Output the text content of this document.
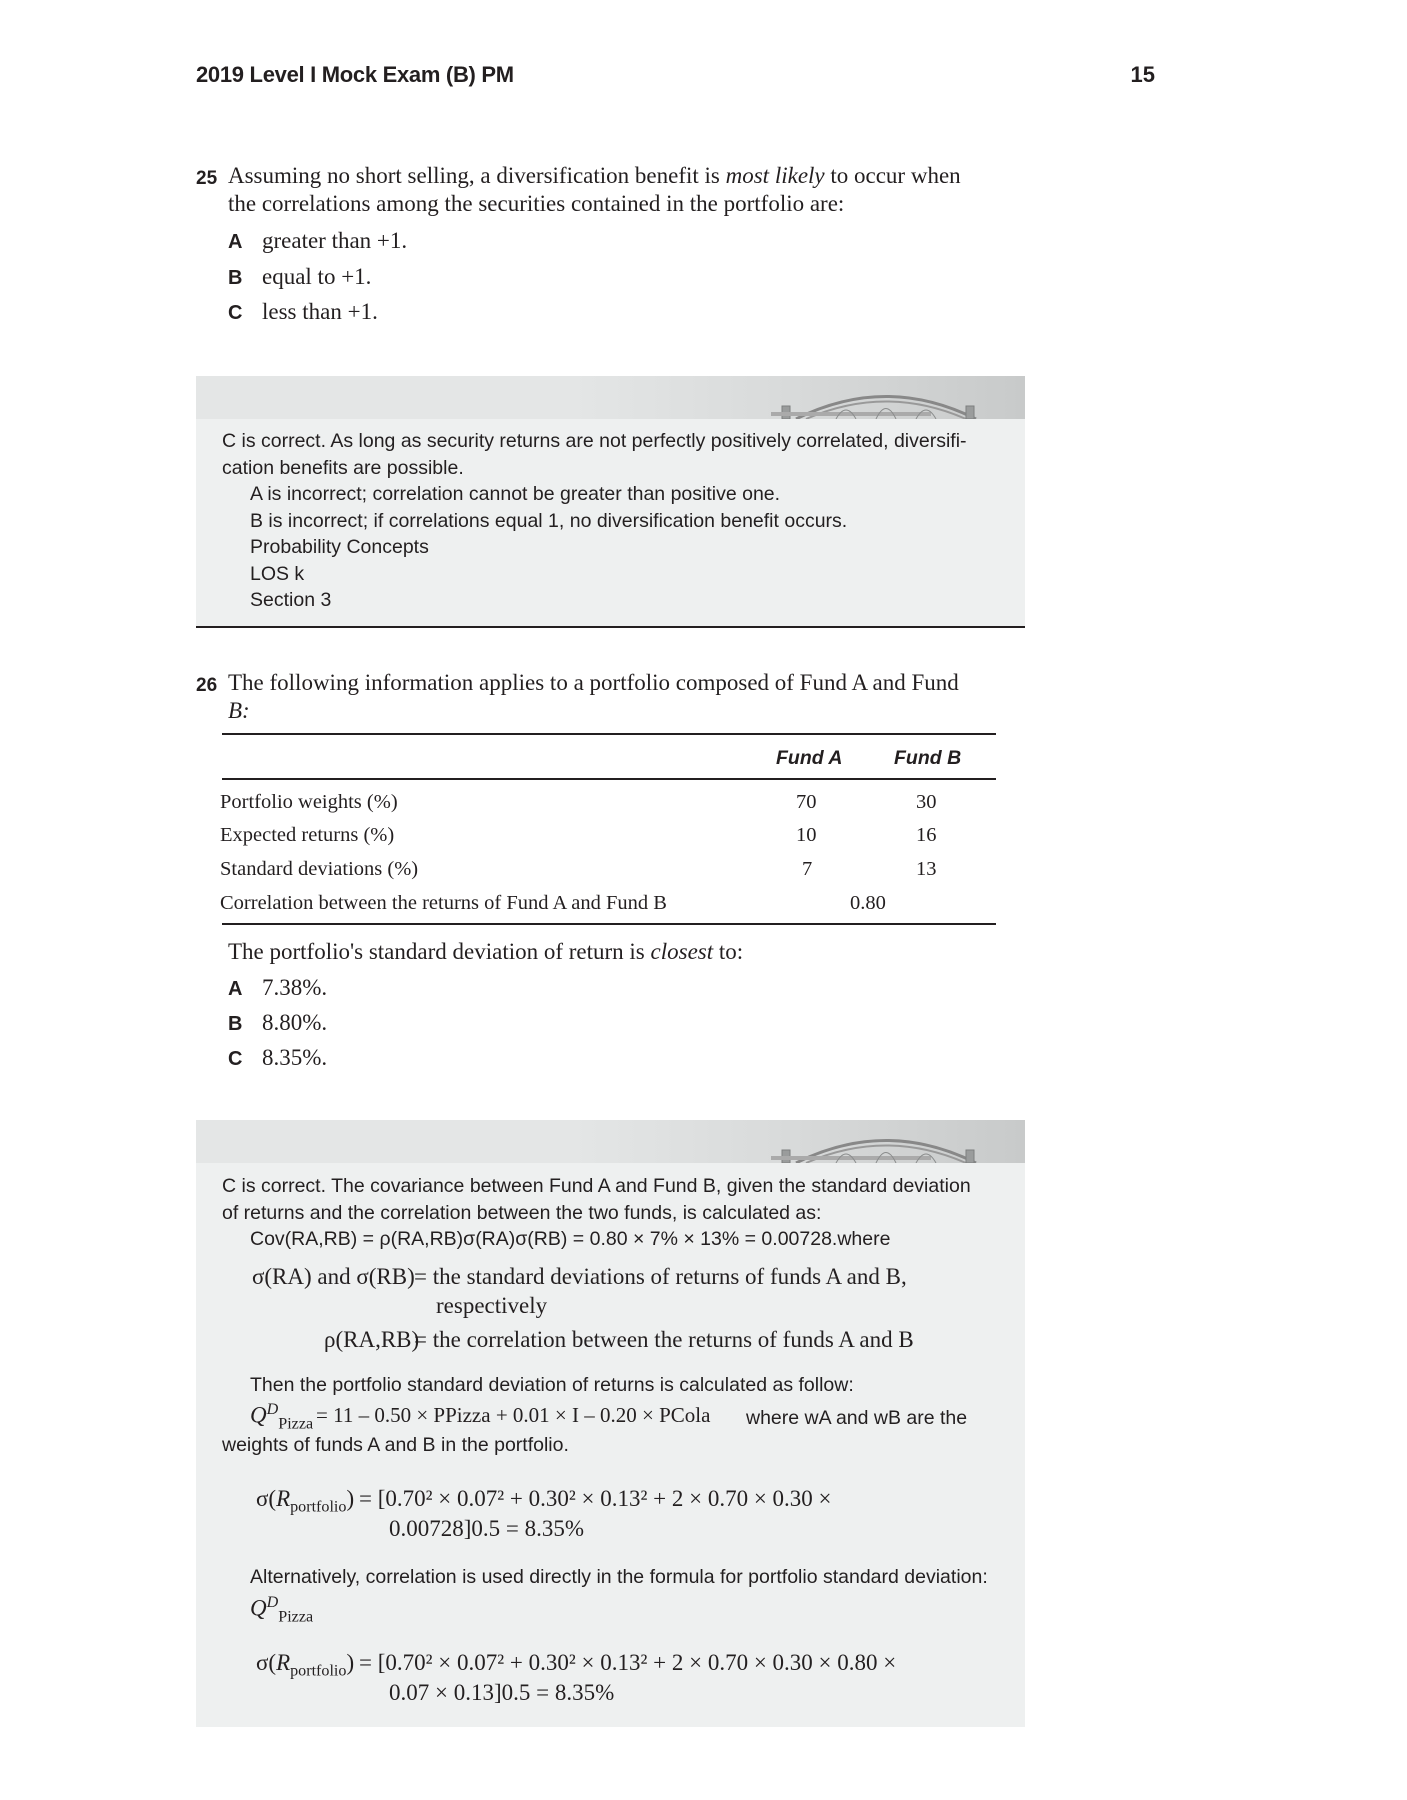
2019 Level I Mock Exam (B) PM	15
25 Assuming no short selling, a diversification benefit is most likely to occur when
the correlations among the securities contained in the portfolio are:
A greater than +1.
B equal to +1.
C less than +1.
C is correct. As long as security returns are not perfectly positively correlated, diversifi-
cation benefits are possible.
A is incorrect; correlation cannot be greater than positive one.
B is incorrect; if correlations equal 1, no diversification benefit occurs.
Probability Concepts
LOS k
Section 3
26 The following information applies to a portfolio composed of Fund A and Fund
B:
Fund A	Fund B
Portfolio weights (%)	70	30
Expected returns (%)	10	16
Standard deviations (%)	7	13
Correlation between the returns of Fund A and Fund B	0.80
The portfolio's standard deviation of return is closest to:
A 7.38%.
B 8.80%.
C 8.35%.
C is correct. The covariance between Fund A and Fund B, given the standard deviation
of returns and the correlation between the two funds, is calculated as:
Cov(RA,RB) = ρ(RA,RB)σ(RA)σ(RB) = 0.80 × 7% × 13% = 0.00728.where
σ(RA) and σ(RB) = the standard deviations of returns of funds A and B,
respectively
ρ(RA,RB)
= the correlation between the returns of funds A and B
Then the portfolio standard deviation of returns is calculated as follow:
$Q^D_{Pizza} = 11 - 0.50$ × PPizza + 0.01 × I – 0.20 × PCola where wA and wB are the
weights of funds A and B in the portfolio.
$\sigma(R_{portfolio}) = [0.70^2 \times 0.07^2 + 0.30^2 \times 0.13^2 + 2 \times 0.70 \times 0.30$ ×
0.00728]0.5 = 8.35%
Alternatively, correlation is used directly in the formula for portfolio standard deviation:
$Q^D_{Pizza}$
$\sigma(R_{portfolio}) = [0.70^2 \times 0.07^2 + 0.30^2 \times 0.13^2 + 2 \times 0.70 \times 0.30 \times 0.80$ ×
0.07 × 0.13]0.5 = 8.35%
